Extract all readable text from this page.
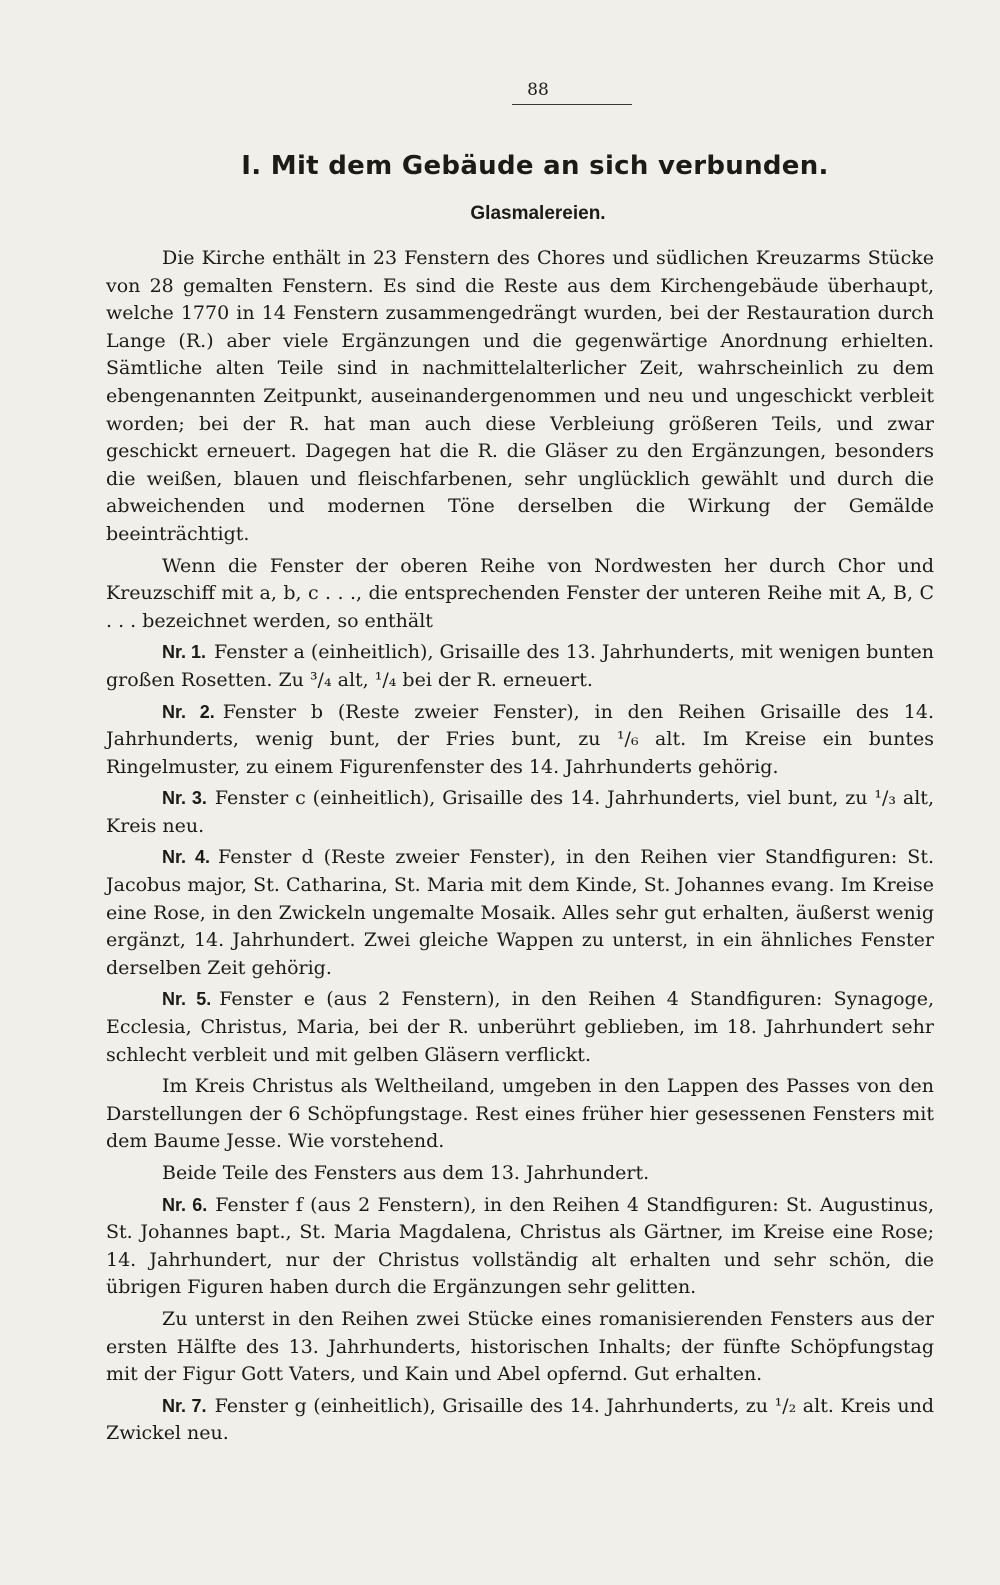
88
I. Mit dem Gebäude an sich verbunden.
Glasmalereien.

Die Kirche enthält in 23 Fenstern des Chores und südlichen Kreuzarms Stücke von 28 gemalten Fenstern. Es sind die Reste aus dem Kirchengebäude überhaupt, welche 1770 in 14 Fenstern zusammengedrängt wurden, bei der Restauration durch Lange (R.) aber viele Ergänzungen und die gegenwärtige Anordnung erhielten. Sämtliche alten Teile sind in nachmittelalterlicher Zeit, wahrscheinlich zu dem ebengenannten Zeitpunkt, auseinandergenommen und neu und ungeschickt verbleit worden; bei der R. hat man auch diese Verbleiung größeren Teils, und zwar geschickt erneuert. Dagegen hat die R. die Gläser zu den Ergänzungen, besonders die weißen, blauen und fleischfarbenen, sehr unglücklich gewählt und durch die abweichenden und modernen Töne derselben die Wirkung der Gemälde beeinträchtigt.

Wenn die Fenster der oberen Reihe von Nordwesten her durch Chor und Kreuzschiff mit a, b, c . . ., die entsprechenden Fenster der unteren Reihe mit A, B, C . . . bezeichnet werden, so enthält

Nr. 1. Fenster a (einheitlich), Grisaille des 13. Jahrhunderts, mit wenigen bunten großen Rosetten. Zu ³/₄ alt, ¹/₄ bei der R. erneuert.

Nr. 2. Fenster b (Reste zweier Fenster), in den Reihen Grisaille des 14. Jahrhunderts, wenig bunt, der Fries bunt, zu ¹/₆ alt. Im Kreise ein buntes Ringelmuster, zu einem Figurenfenster des 14. Jahrhunderts gehörig.

Nr. 3. Fenster c (einheitlich), Grisaille des 14. Jahrhunderts, viel bunt, zu ¹/₃ alt, Kreis neu.

Nr. 4. Fenster d (Reste zweier Fenster), in den Reihen vier Standfiguren: St. Jacobus major, St. Catharina, St. Maria mit dem Kinde, St. Johannes evang. Im Kreise eine Rose, in den Zwickeln ungemalte Mosaik. Alles sehr gut erhalten, äußerst wenig ergänzt, 14. Jahrhundert. Zwei gleiche Wappen zu unterst, in ein ähnliches Fenster derselben Zeit gehörig.

Nr. 5. Fenster e (aus 2 Fenstern), in den Reihen 4 Standfiguren: Synagoge, Ecclesia, Christus, Maria, bei der R. unberührt geblieben, im 18. Jahrhundert sehr schlecht verbleit und mit gelben Gläsern verflickt.

Im Kreis Christus als Weltheiland, umgeben in den Lappen des Passes von den Darstellungen der 6 Schöpfungstage. Rest eines früher hier gesessenen Fensters mit dem Baume Jesse. Wie vorstehend.

Beide Teile des Fensters aus dem 13. Jahrhundert.

Nr. 6. Fenster f (aus 2 Fenstern), in den Reihen 4 Standfiguren: St. Augustinus, St. Johannes bapt., St. Maria Magdalena, Christus als Gärtner, im Kreise eine Rose; 14. Jahrhundert, nur der Christus vollständig alt erhalten und sehr schön, die übrigen Figuren haben durch die Ergänzungen sehr gelitten.

Zu unterst in den Reihen zwei Stücke eines romanisierenden Fensters aus der ersten Hälfte des 13. Jahrhunderts, historischen Inhalts; der fünfte Schöpfungstag mit der Figur Gott Vaters, und Kain und Abel opfernd. Gut erhalten.

Nr. 7. Fenster g (einheitlich), Grisaille des 14. Jahrhunderts, zu ¹/₂ alt. Kreis und Zwickel neu.
